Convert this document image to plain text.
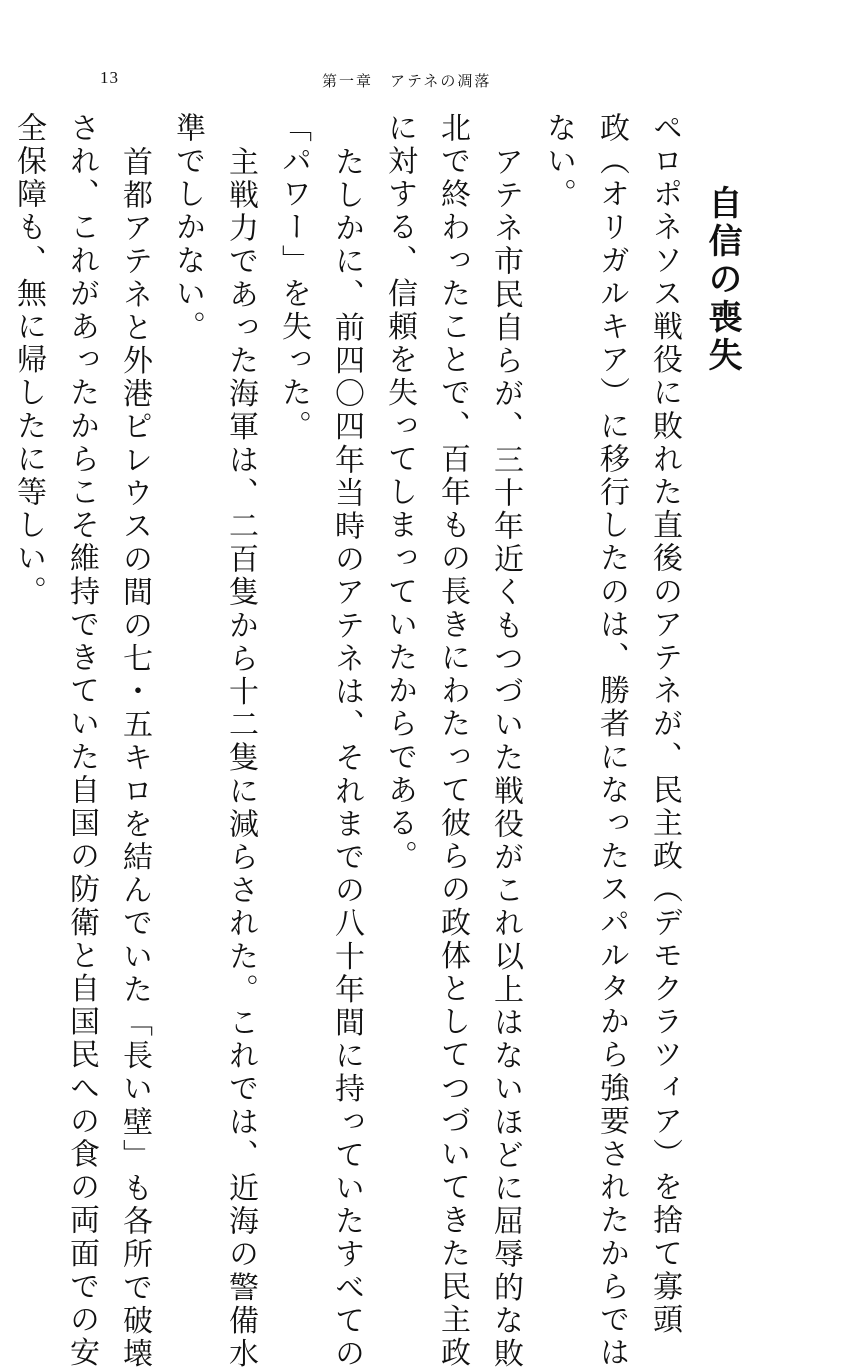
13	第一章　アテネの凋落
自信の喪失
ペロポネソス戦役に敗れた直後のアテネが、民主政（デモクラツィア）を捨て寡頭
政（オリガルキア）に移行したのは、勝者になったスパルタから強要されたからでは
ない。
アテネ市民自らが、三十年近くもつづいた戦役がこれ以上はないほどに屈辱的な敗
北で終わったことで、百年もの長きにわたって彼らの政体としてつづいてきた民主政
に対する、信頼を失ってしまっていたからである。
たしかに、前四〇四年当時のアテネは、それまでの八十年間に持っていたすべての
「パワー」を失った。
主戦力であった海軍は、二百隻から十二隻に減らされた。これでは、近海の警備水
準でしかない。
首都アテネと外港ピレウスの間の七・五キロを結んでいた「長い壁」も各所で破壊
され、これがあったからこそ維持できていた自国の防衛と自国民への食の両面での安
全保障も、無に帰したに等しい。
